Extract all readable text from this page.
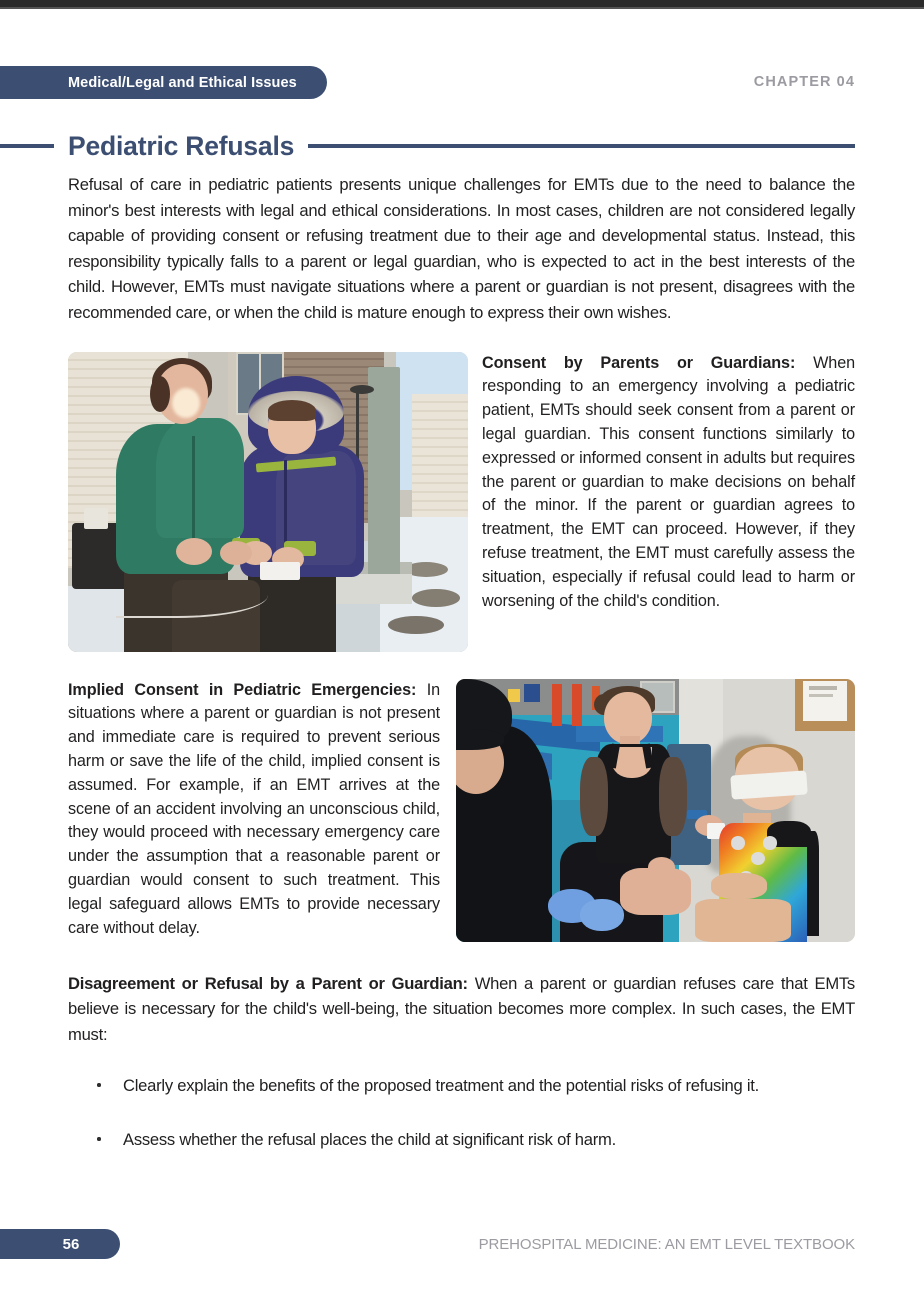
Medical/Legal and Ethical Issues	CHAPTER 04
Pediatric Refusals

Refusal of care in pediatric patients presents unique challenges for EMTs due to the need to balance the minor's best interests with legal and ethical considerations. In most cases, children are not considered legally capable of providing consent or refusing treatment due to their age and developmental status. Instead, this responsibility typically falls to a parent or legal guardian, who is expected to act in the best interests of the child. However, EMTs must navigate situations where a parent or guardian is not present, disagrees with the recommended care, or when the child is mature enough to express their own wishes.

Consent by Parents or Guardians: When responding to an emergency involving a pediatric patient, EMTs should seek consent from a parent or legal guardian. This consent functions similarly to expressed or informed consent in adults but requires the parent or guardian to make decisions on behalf of the minor. If the parent or guardian agrees to treatment, the EMT can proceed. However, if they refuse treatment, the EMT must carefully assess the situation, especially if refusal could lead to harm or worsening of the child's condition.

Implied Consent in Pediatric Emergencies: In situations where a parent or guardian is not present and immediate care is required to prevent serious harm or save the life of the child, implied consent is assumed. For example, if an EMT arrives at the scene of an accident involving an unconscious child, they would proceed with necessary emergency care under the assumption that a reasonable parent or guardian would consent to such treatment. This legal safeguard allows EMTs to provide necessary care without delay.

Disagreement or Refusal by a Parent or Guardian: When a parent or guardian refuses care that EMTs believe is necessary for the child's well-being, the situation becomes more complex. In such cases, the EMT must:

Clearly explain the benefits of the proposed treatment and the potential risks of refusing it.
Assess whether the refusal places the child at significant risk of harm.
56	PREHOSPITAL MEDICINE: AN EMT LEVEL TEXTBOOK
